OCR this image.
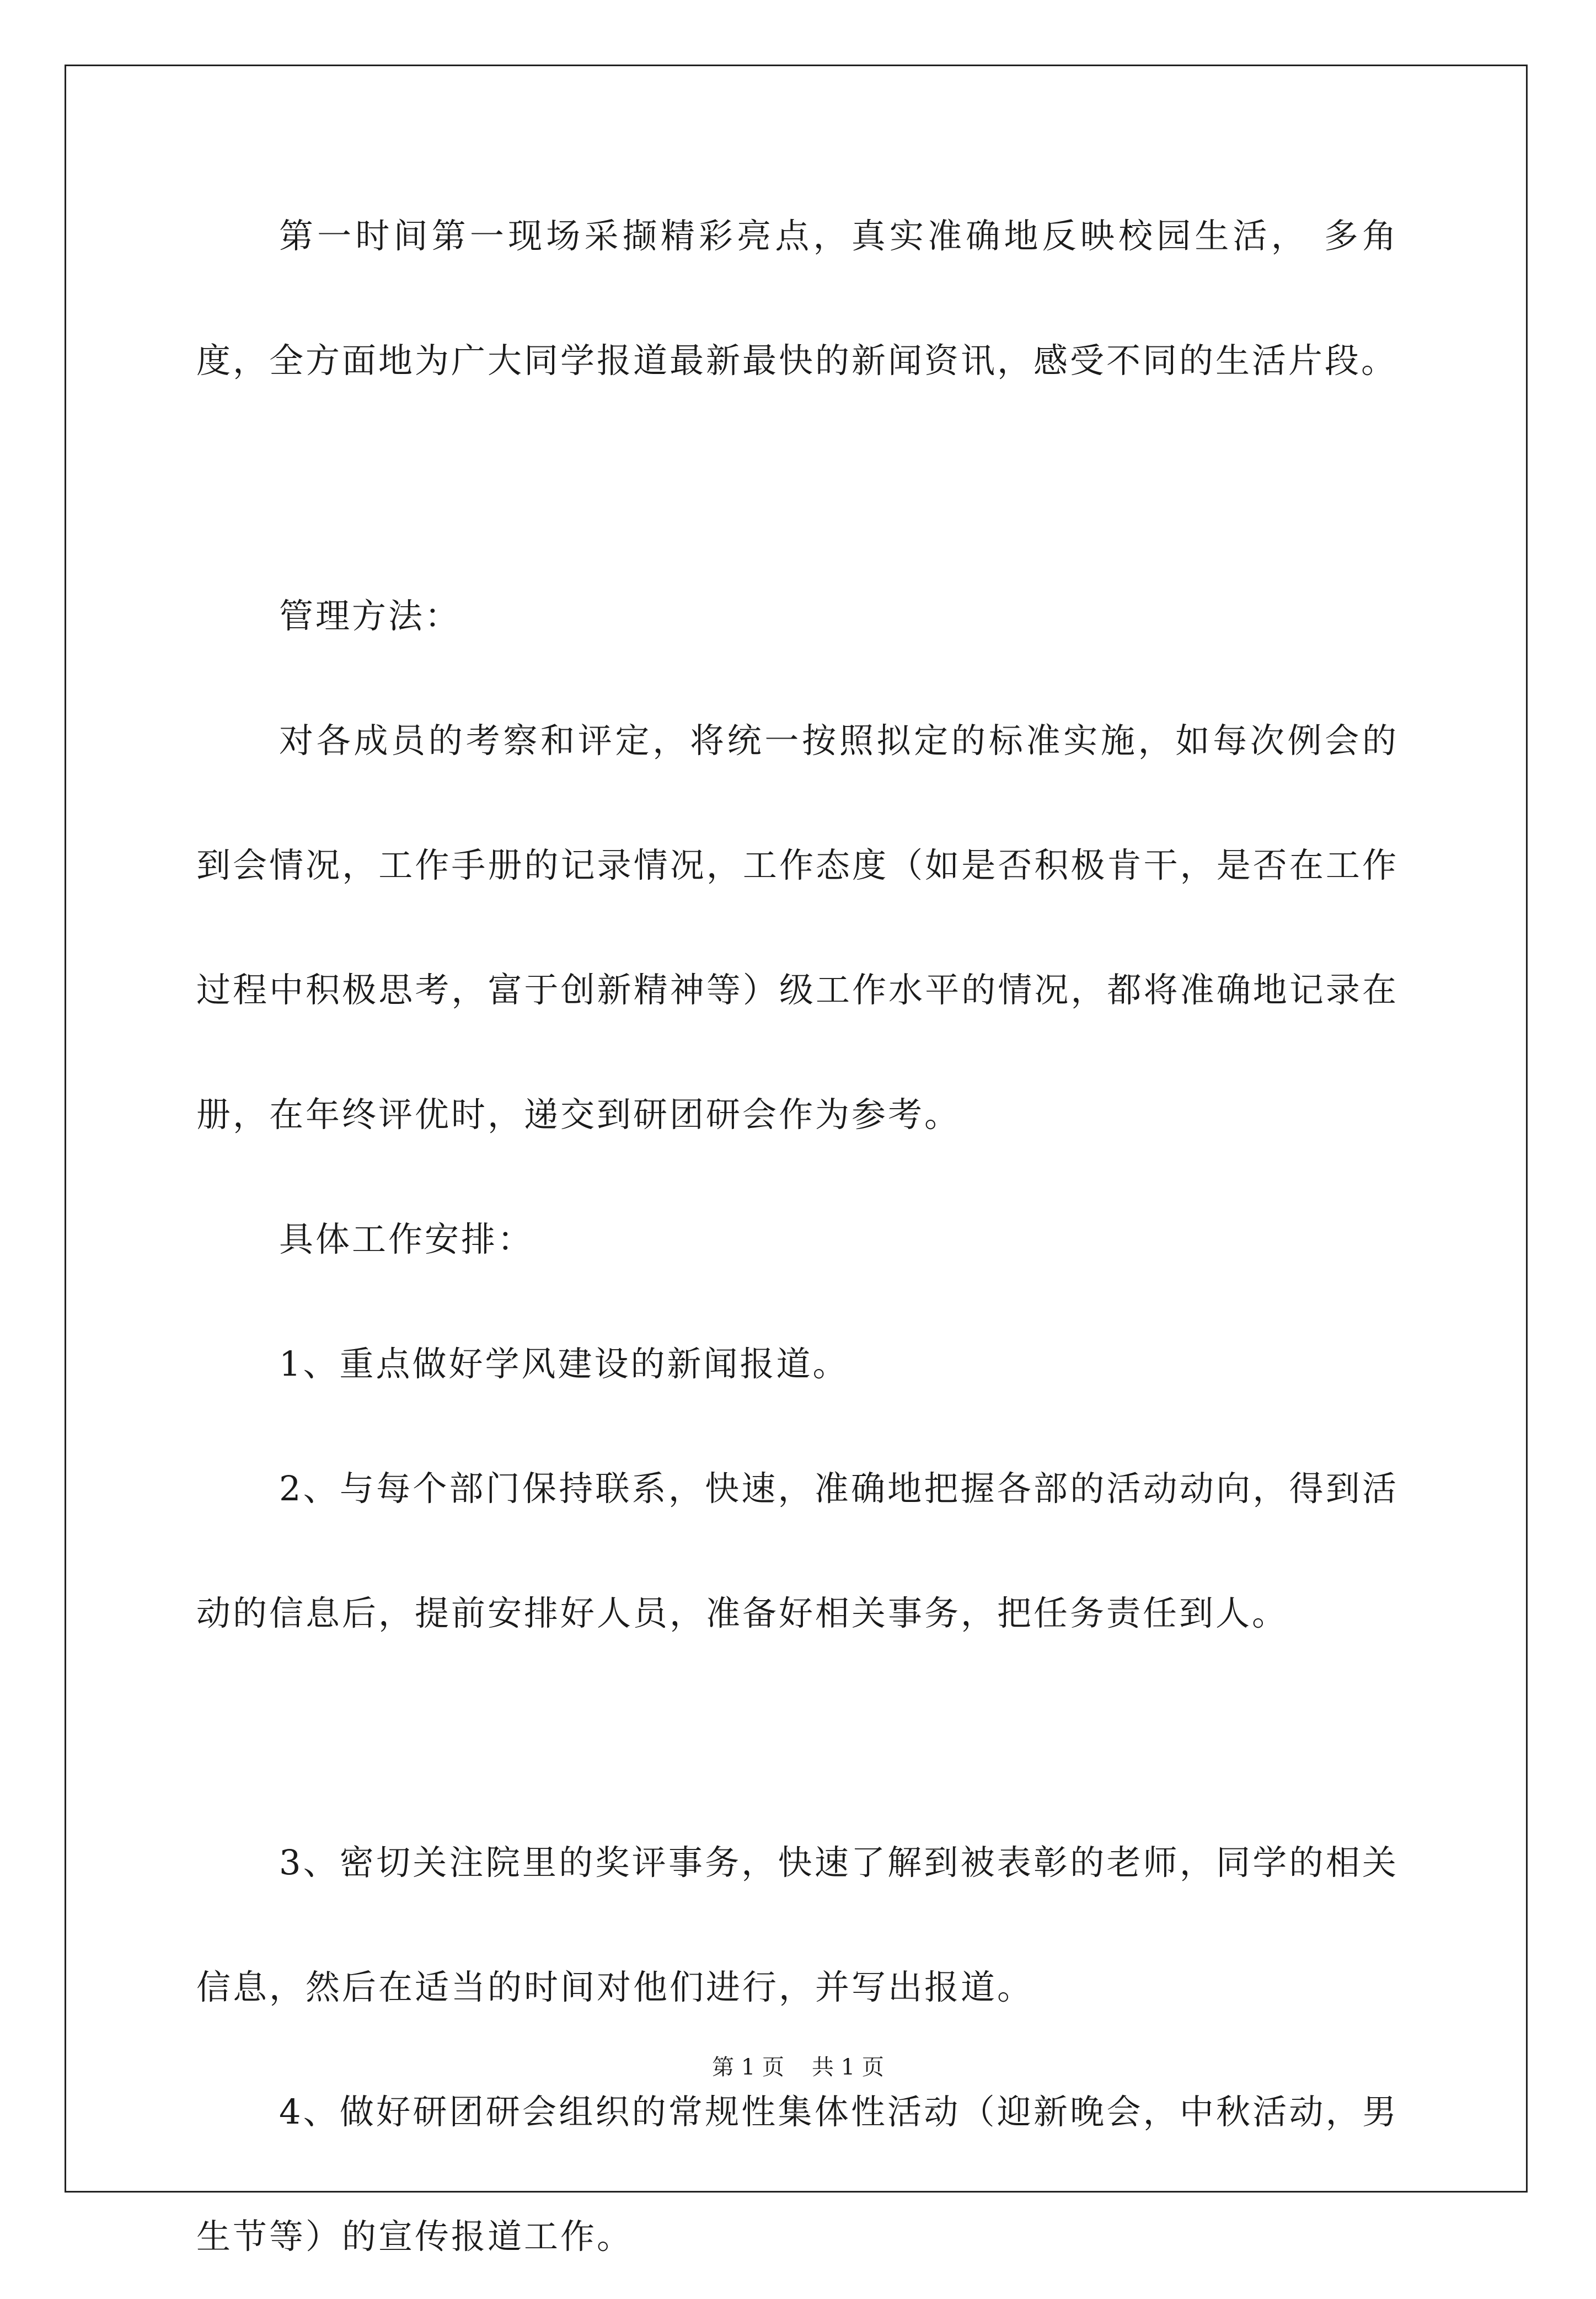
第一时间第一现场采撷精彩亮点，真实准确地反映校园生活， 多角度，全方面地为广大同学报道最新最快的新闻资讯，感受不同的生活片段。

管理方法：

对各成员的考察和评定，将统一按照拟定的标准实施，如每次例会的到会情况，工作手册的记录情况，工作态度（如是否积极肯干，是否在工作过程中积极思考，富于创新精神等）级工作水平的情况，都将准确地记录在册，在年终评优时，递交到研团研会作为参考。

具体工作安排：

1、重点做好学风建设的新闻报道。

2、与每个部门保持联系，快速，准确地把握各部的活动动向，得到活动的信息后，提前安排好人员，准备好相关事务，把任务责任到人。

3、密切关注院里的奖评事务，快速了解到被表彰的老师，同学的相关信息，然后在适当的时间对他们进行，并写出报道。

4、做好研团研会组织的常规性集体性活动（迎新晚会，中秋活动，男生节等）的宣传报道工作。

第 1 页 共 1 页
